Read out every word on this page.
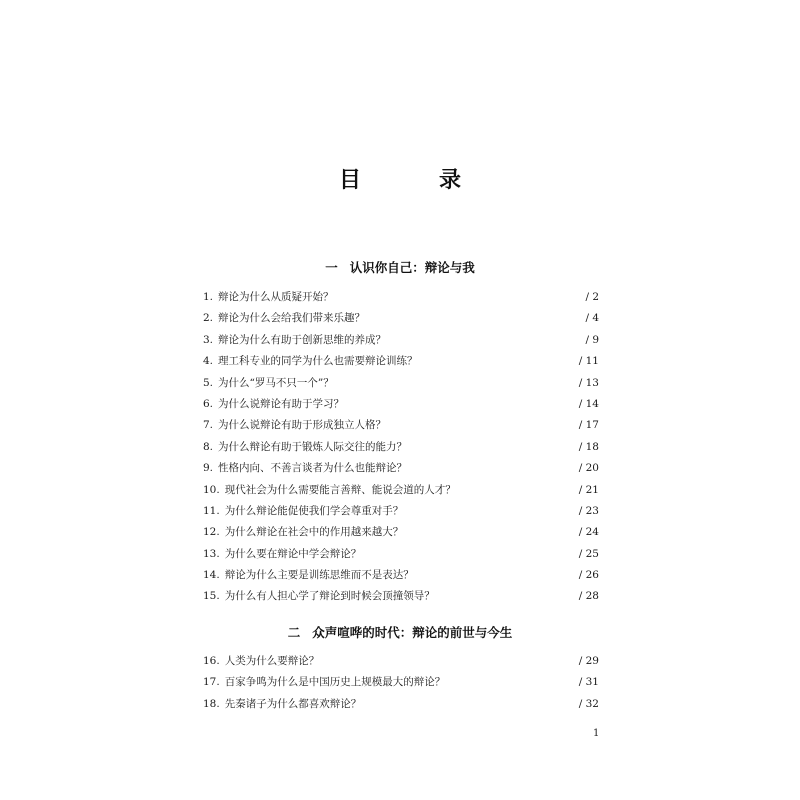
目　录
一 认识你自己：辩论与我
1. 辩论为什么从质疑开始？	/ 2
2. 辩论为什么会给我们带来乐趣？	/ 4
3. 辩论为什么有助于创新思维的养成？	/ 9
4. 理工科专业的同学为什么也需要辩论训练？	/ 11
5. 为什么“罗马不只一个”？	/ 13
6. 为什么说辩论有助于学习？	/ 14
7. 为什么说辩论有助于形成独立人格？	/ 17
8. 为什么辩论有助于锻炼人际交往的能力？	/ 18
9. 性格内向、不善言谈者为什么也能辩论？	/ 20
10. 现代社会为什么需要能言善辩、能说会道的人才？	/ 21
11. 为什么辩论能促使我们学会尊重对手？	/ 23
12. 为什么辩论在社会中的作用越来越大？	/ 24
13. 为什么要在辩论中学会辩论？	/ 25
14. 辩论为什么主要是训练思维而不是表达？	/ 26
15. 为什么有人担心学了辩论到时候会顶撞领导？	/ 28
二 众声喧哗的时代：辩论的前世与今生
16. 人类为什么要辩论？	/ 29
17. 百家争鸣为什么是中国历史上规模最大的辩论？	/ 31
18. 先秦诸子为什么都喜欢辩论？	/ 32
1
